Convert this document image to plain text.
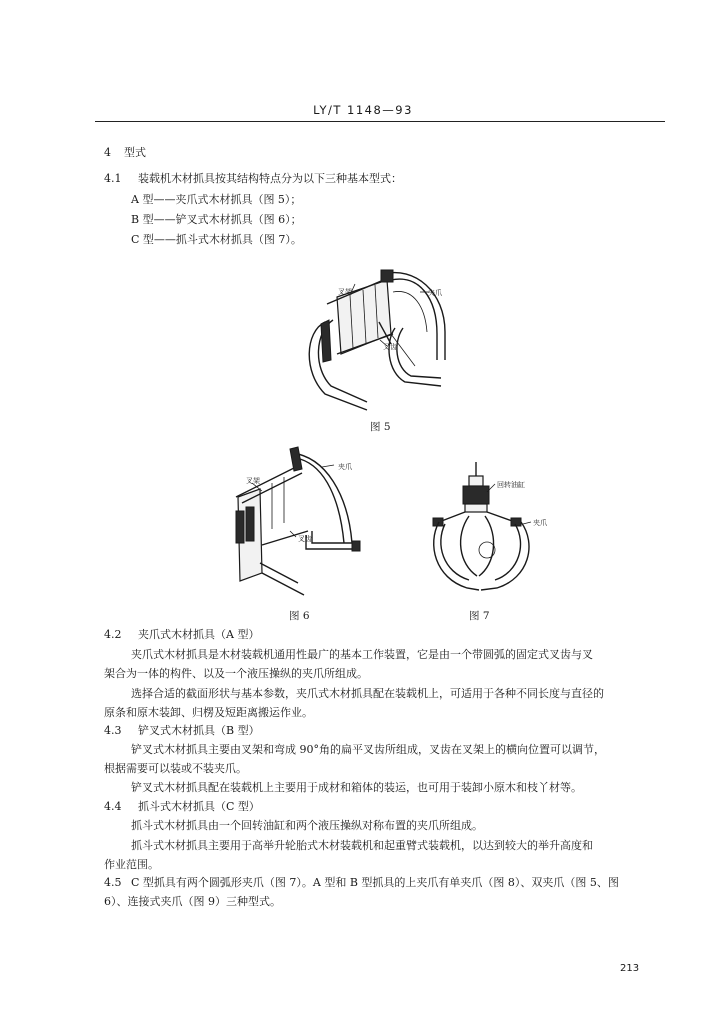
LY/T 1148—93
4 型式
4.1 装载机木材抓具按其结构特点分为以下三种基本型式：
A 型——夹爪式木材抓具（图 5）；
B 型——铲叉式木材抓具（图 6）；
C 型——抓斗式木材抓具（图 7）。
叉架	夹爪
叉齿
图 5
叉架
夹爪
叉齿
图 6
回转油缸
夹爪
图 7
4.2 夹爪式木材抓具（A 型）
夹爪式木材抓具是木材装载机通用性最广的基本工作装置，它是由一个带圆弧的固定式叉齿与叉
架合为一体的构件、以及一个液压操纵的夹爪所组成。
选择合适的截面形状与基本参数，夹爪式木材抓具配在装载机上，可适用于各种不同长度与直径的
原条和原木装卸、归楞及短距离搬运作业。
4.3 铲叉式木材抓具（B 型）
铲叉式木材抓具主要由叉架和弯成 90°角的扁平叉齿所组成，叉齿在叉架上的横向位置可以调节，
根据需要可以装或不装夹爪。
铲叉式木材抓具配在装载机上主要用于成材和箱体的装运，也可用于装卸小原木和枝丫材等。
4.4 抓斗式木材抓具（C 型）
抓斗式木材抓具由一个回转油缸和两个液压操纵对称布置的夹爪所组成。
抓斗式木材抓具主要用于高举升轮胎式木材装载机和起重臂式装载机，以达到较大的举升高度和
作业范围。
4.5 C 型抓具有两个圆弧形夹爪（图 7）。A 型和 B 型抓具的上夹爪有单夹爪（图 8）、双夹爪（图 5、图
6）、连接式夹爪（图 9）三种型式。
213
